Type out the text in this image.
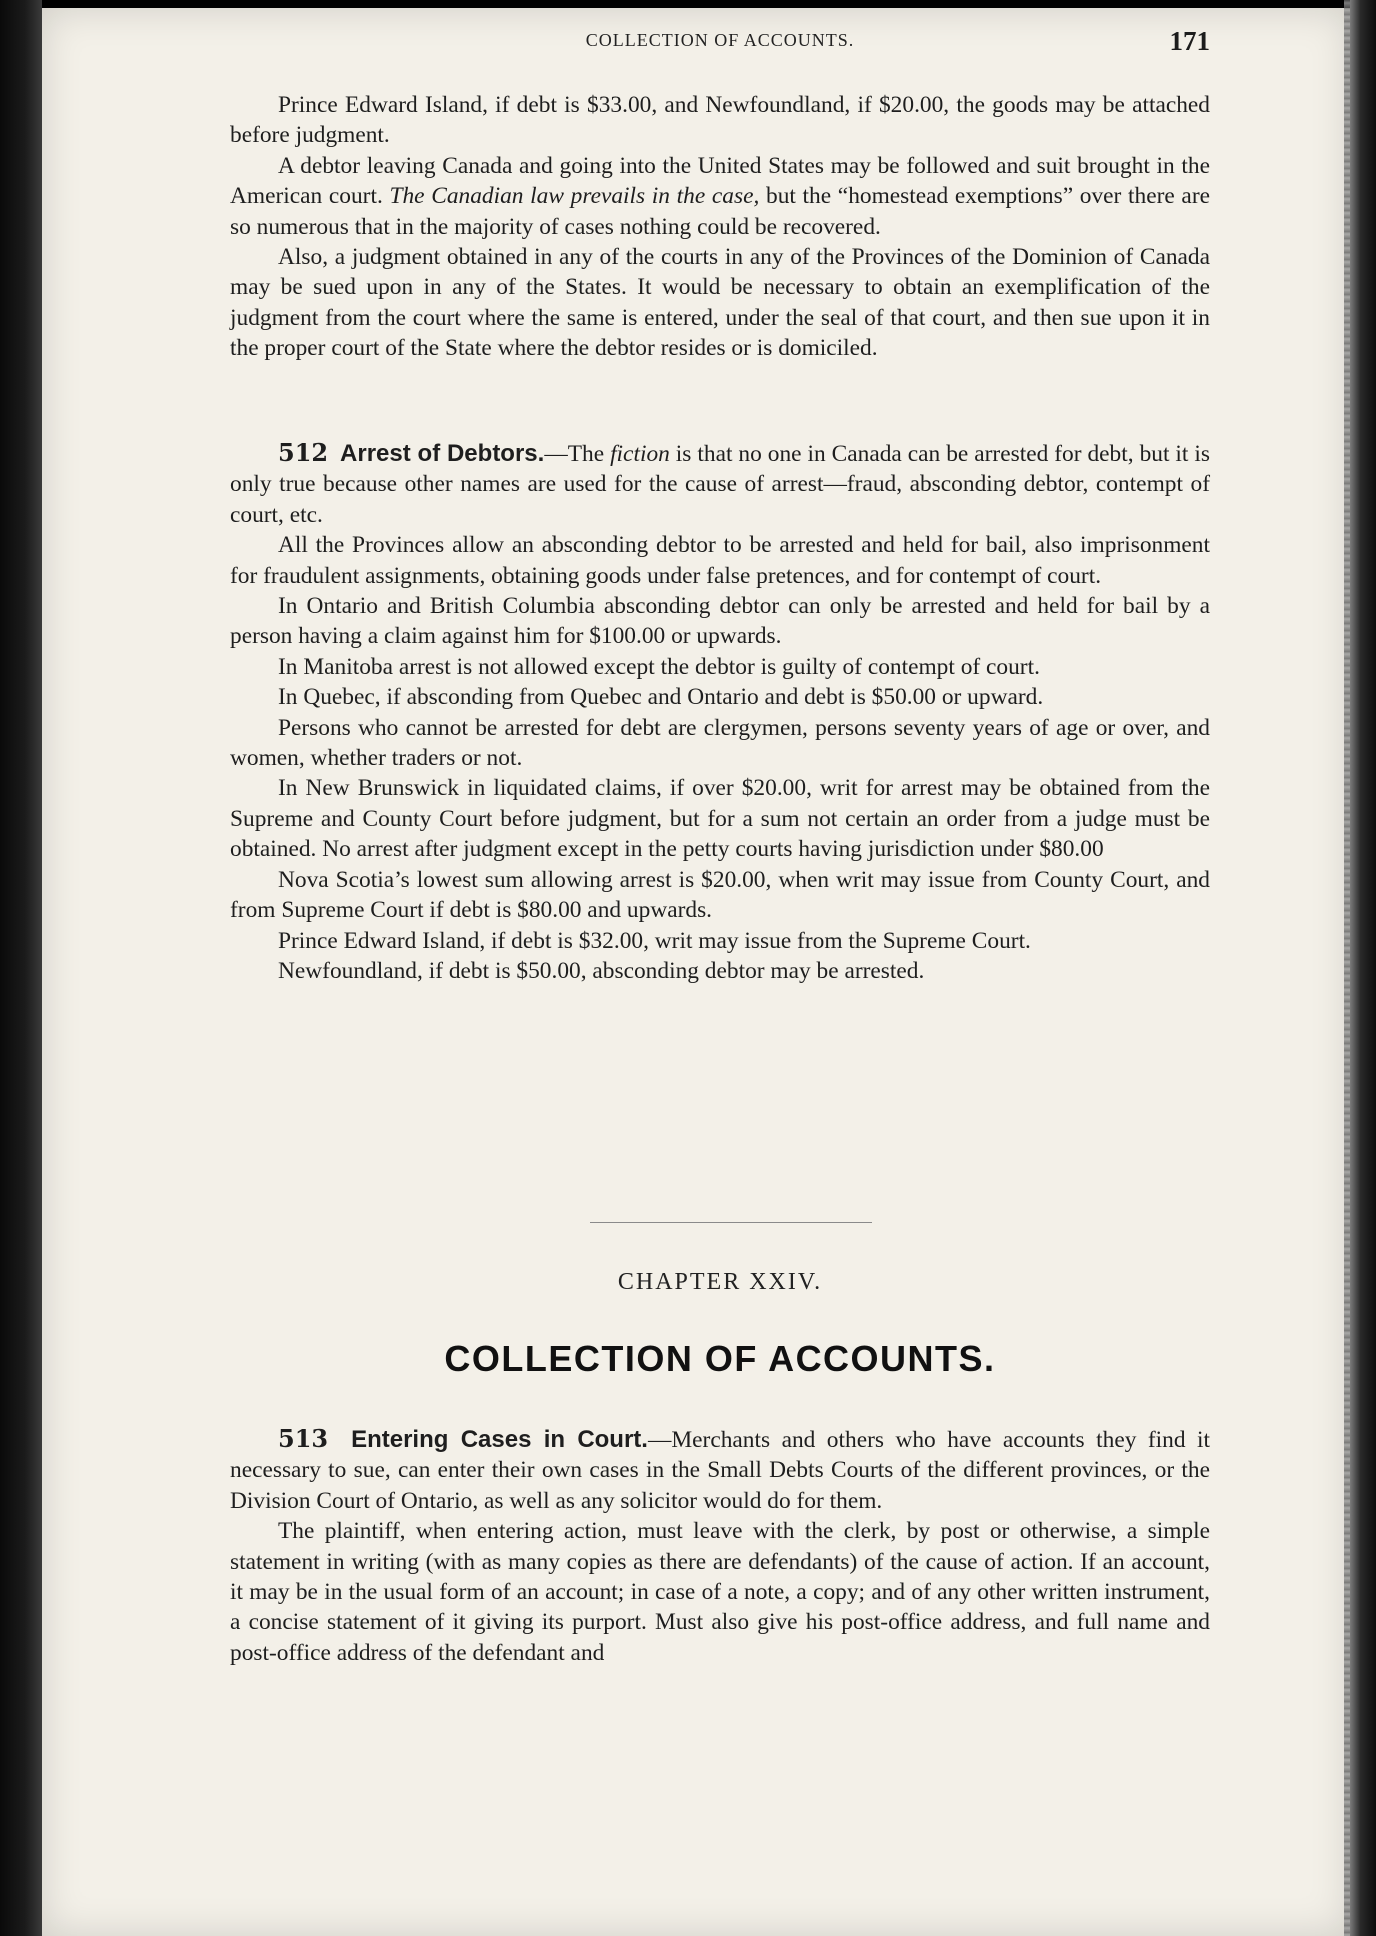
COLLECTION OF ACCOUNTS.	171

Prince Edward Island, if debt is $33.00, and Newfoundland, if $20.00, the goods may be attached before judgment.

A debtor leaving Canada and going into the United States may be followed and suit brought in the American court. The Canadian law prevails in the case, but the “homestead exemptions” over there are so numerous that in the majority of cases nothing could be recovered.

Also, a judgment obtained in any of the courts in any of the Provinces of the Dominion of Canada may be sued upon in any of the States. It would be necessary to obtain an exemplification of the judgment from the court where the same is entered, under the seal of that court, and then sue upon it in the proper court of the State where the debtor resides or is domiciled.

512 Arrest of Debtors.—The fiction is that no one in Canada can be arrested for debt, but it is only true because other names are used for the cause of arrest—fraud, absconding debtor, contempt of court, etc.

All the Provinces allow an absconding debtor to be arrested and held for bail, also imprisonment for fraudulent assignments, obtaining goods under false pretences, and for contempt of court.

In Ontario and British Columbia absconding debtor can only be arrested and held for bail by a person having a claim against him for $100.00 or upwards.

In Manitoba arrest is not allowed except the debtor is guilty of contempt of court.

In Quebec, if absconding from Quebec and Ontario and debt is $50.00 or upward.

Persons who cannot be arrested for debt are clergymen, persons seventy years of age or over, and women, whether traders or not.

In New Brunswick in liquidated claims, if over $20.00, writ for arrest may be obtained from the Supreme and County Court before judgment, but for a sum not certain an order from a judge must be obtained. No arrest after judgment except in the petty courts having jurisdiction under $80.00

Nova Scotia’s lowest sum allowing arrest is $20.00, when writ may issue from County Court, and from Supreme Court if debt is $80.00 and upwards.

Prince Edward Island, if debt is $32.00, writ may issue from the Supreme Court.

Newfoundland, if debt is $50.00, absconding debtor may be arrested.

CHAPTER XXIV.
COLLECTION OF ACCOUNTS.

513 Entering Cases in Court.—Merchants and others who have accounts they find it necessary to sue, can enter their own cases in the Small Debts Courts of the different provinces, or the Division Court of Ontario, as well as any solicitor would do for them.

The plaintiff, when entering action, must leave with the clerk, by post or otherwise, a simple statement in writing (with as many copies as there are defendants) of the cause of action. If an account, it may be in the usual form of an account; in case of a note, a copy; and of any other written instrument, a concise statement of it giving its purport. Must also give his post-office address, and full name and post-office address of the defendant and
